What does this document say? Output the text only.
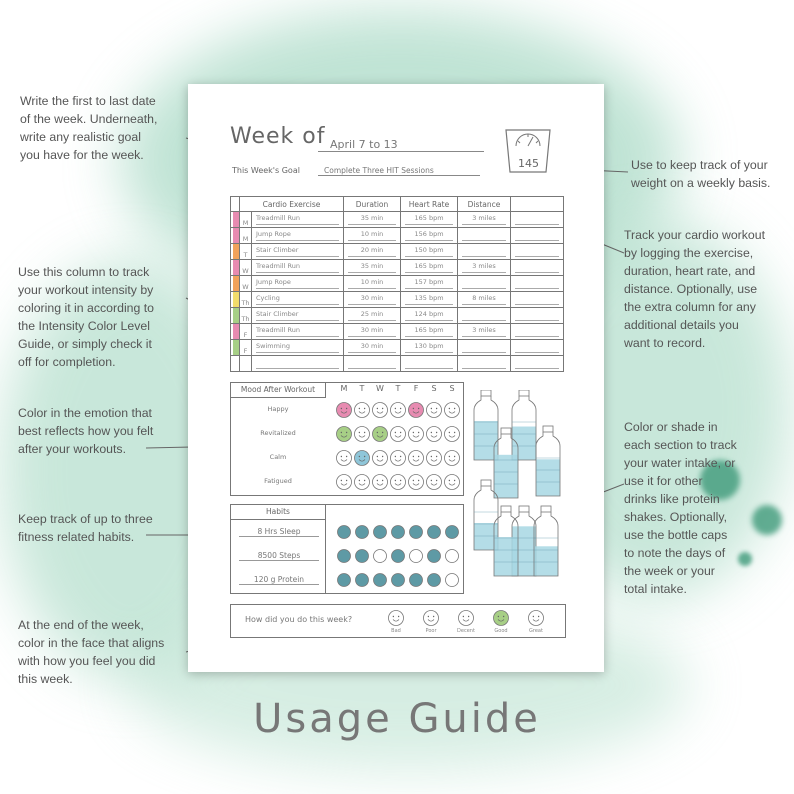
Write the first to last date
of the week. Underneath,
write any realistic goal
you have for the week.
Use this column to track
your workout intensity by
coloring it in according to
the Intensity Color Level
Guide, or simply check it
off for completion.
Color in the emotion that
best reflects how you felt
after your workouts.
Keep track of up to three
fitness related habits.
At the end of the week,
color in the face that aligns
with how you feel you did
this week.
Use to keep track of your
weight on a weekly basis.
Track your cardio workout
by logging the exercise,
duration, heart rate, and
distance. Optionally, use
the extra column for any
additional details you
want to record.
Color or shade in
each section to track
your water intake, or
use it for other
drinks like protein
shakes. Optionally,
use the bottle caps
to note the days of
the week or your
total intake.
Week of April 7 to 13
This Week's Goal	Complete Three HIT Sessions
145
	Cardio Exercise		Duration	Heart Rate	Distance	
	M	Treadmill Run	35 min	165 bpm	3 miles	

	M	Jump Rope	10 min	156 bpm		

	T	Stair Climber	20 min	150 bpm		

	W	Treadmill Run	35 min	165 bpm	3 miles	

	W	Jump Rope	10 min	157 bpm		

	Th	Cycling	30 min	135 bpm	8 miles	

	Th	Stair Climber	25 min	124 bpm		

	F	Treadmill Run	30 min	165 bpm	3 miles	

	F	Swimming	30 min	130 bpm		

Mood After Workout	M T W T F S S
Happy
Revitalized
Calm
Fatigued
Habits
8 Hrs Sleep
8500 Steps
120 g Protein
How did you do this week?
Bad	Poor	Decent	Good	Great
Usage Guide
